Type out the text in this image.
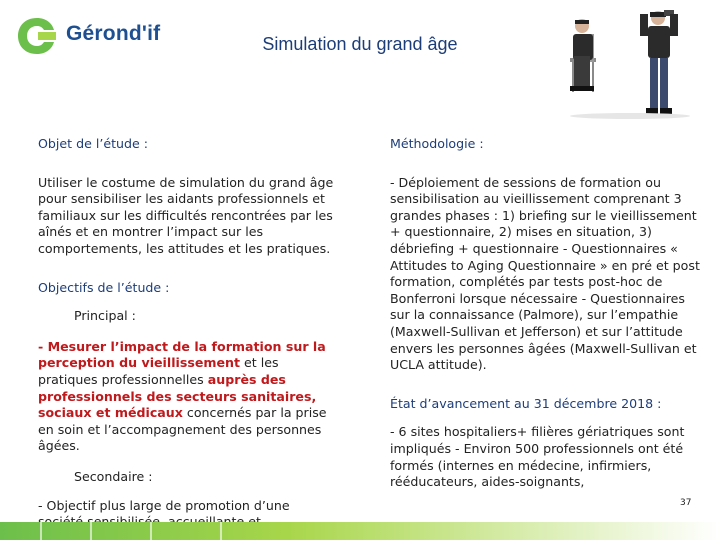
Gérond'if	Simulation du grand âge
Objet de l’étude :
Utiliser le costume de simulation du grand âge pour sensibiliser les aidants professionnels et familiaux sur les difficultés rencontrées par les aînés et en montrer l’impact sur les comportements, les attitudes et les pratiques.
Objectifs de l’étude :
Principal :
- Mesurer l’impact de la formation sur la perception du vieillissement et les pratiques professionnelles auprès des professionnels des secteurs sanitaires, sociaux et médicaux concernés par la prise en soin et l’accompagnement des personnes âgées.
Secondaire :
- Objectif plus large de promotion d’une
Méthodologie :
- Déploiement de sessions de formation ou sensibilisation au vieillissement comprenant 3 grandes phases : 1) briefing sur le vieillissement + questionnaire, 2) mises en situation, 3) débriefing + questionnaire - Questionnaires « Attitudes to Aging Questionnaire » en pré et post formation, complétés par tests post-hoc de Bonferroni lorsque nécessaire - Questionnaires sur la connaissance (Palmore), sur l’empathie (Maxwell-Sullivan et Jefferson) et sur l’attitude envers les personnes âgées (Maxwell-Sullivan et UCLA attitude).
État d’avancement au 31 décembre 2018 :
- 6 sites hospitaliers+ filières gériatriques sont impliqués - Environ 500 professionnels ont été formés (internes en médecine, infirmiers, rééducateurs, aides-soignants,
37
